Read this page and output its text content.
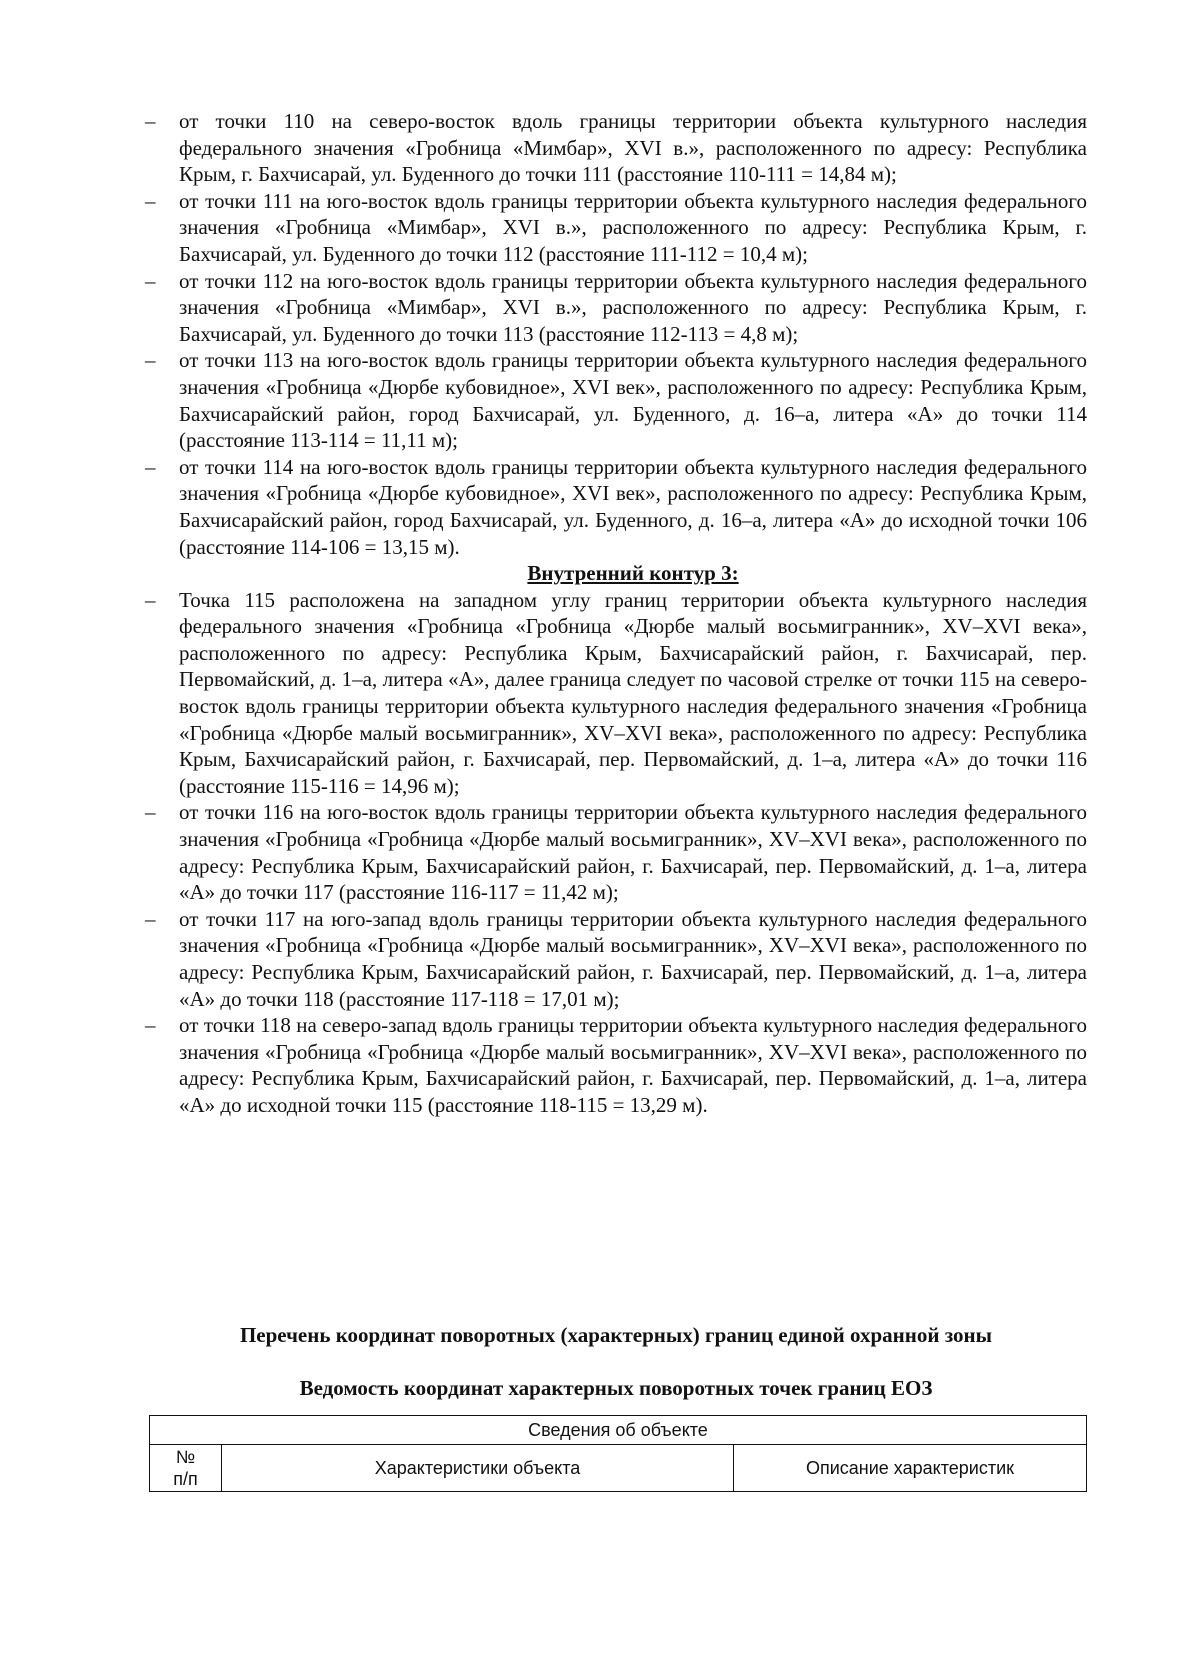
– от точки 110 на северо-восток вдоль границы территории объекта культурного наследия федерального значения «Гробница «Мимбар», XVI в.», расположенного по адресу: Республика Крым, г. Бахчисарай, ул. Буденного до точки 111 (расстояние 110-111 = 14,84 м);
– от точки 111 на юго-восток вдоль границы территории объекта культурного наследия федерального значения «Гробница «Мимбар», XVI в.», расположенного по адресу: Республика Крым, г. Бахчисарай, ул. Буденного до точки 112 (расстояние 111-112 = 10,4 м);
– от точки 112 на юго-восток вдоль границы территории объекта культурного наследия федерального значения «Гробница «Мимбар», XVI в.», расположенного по адресу: Республика Крым, г. Бахчисарай, ул. Буденного до точки 113 (расстояние 112-113 = 4,8 м);
– от точки 113 на юго-восток вдоль границы территории объекта культурного наследия федерального значения «Гробница «Дюрбе кубовидное», XVI век», расположенного по адресу: Республика Крым, Бахчисарайский район, город Бахчисарай, ул. Буденного, д. 16–а, литера «А» до точки 114 (расстояние 113-114 = 11,11 м);
– от точки 114 на юго-восток вдоль границы территории объекта культурного наследия федерального значения «Гробница «Дюрбе кубовидное», XVI век», расположенного по адресу: Республика Крым, Бахчисарайский район, город Бахчисарай, ул. Буденного, д. 16–а, литера «А» до исходной точки 106 (расстояние 114-106 = 13,15 м).
Внутренний контур 3:
– Точка 115 расположена на западном углу границ территории объекта культурного наследия федерального значения «Гробница «Гробница «Дюрбе малый восьмигранник», XV–XVI века», расположенного по адресу: Республика Крым, Бахчисарайский район, г. Бахчисарай, пер. Первомайский, д. 1–а, литера «А», далее граница следует по часовой стрелке от точки 115 на северо-восток вдоль границы территории объекта культурного наследия федерального значения «Гробница «Гробница «Дюрбе малый восьмигранник», XV–XVI века», расположенного по адресу: Республика Крым, Бахчисарайский район, г. Бахчисарай, пер. Первомайский, д. 1–а, литера «А» до точки 116 (расстояние 115-116 = 14,96 м);
– от точки 116 на юго-восток вдоль границы территории объекта культурного наследия федерального значения «Гробница «Гробница «Дюрбе малый восьмигранник», XV–XVI века», расположенного по адресу: Республика Крым, Бахчисарайский район, г. Бахчисарай, пер. Первомайский, д. 1–а, литера «А» до точки 117 (расстояние 116-117 = 11,42 м);
– от точки 117 на юго-запад вдоль границы территории объекта культурного наследия федерального значения «Гробница «Гробница «Дюрбе малый восьмигранник», XV–XVI века», расположенного по адресу: Республика Крым, Бахчисарайский район, г. Бахчисарай, пер. Первомайский, д. 1–а, литера «А» до точки 118 (расстояние 117-118 = 17,01 м);
– от точки 118 на северо-запад вдоль границы территории объекта культурного наследия федерального значения «Гробница «Гробница «Дюрбе малый восьмигранник», XV–XVI века», расположенного по адресу: Республика Крым, Бахчисарайский район, г. Бахчисарай, пер. Первомайский, д. 1–а, литера «А» до исходной точки 115 (расстояние 118-115 = 13,29 м).
Перечень координат поворотных (характерных) границ единой охранной зоны
Ведомость координат характерных поворотных точек границ ЕОЗ
Сведения об объекте
№
п/п	Характеристики объекта	Описание характеристик
